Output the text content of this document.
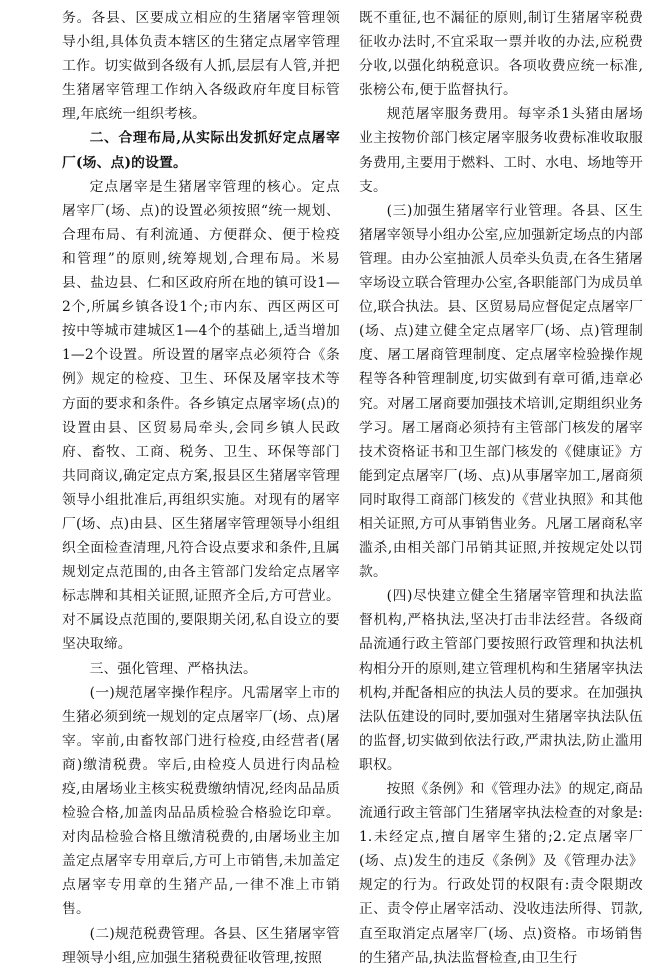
务。各县、区要成立相应的生猪屠宰管理领导小组,具体负责本辖区的生猪定点屠宰管理工作。切实做到各级有人抓,层层有人管,并把生猪屠宰管理工作纳入各级政府年度目标管理,年底统一组织考核。

二、合理布局,从实际出发抓好定点屠宰厂(场、点)的设置。

定点屠宰是生猪屠宰管理的核心。定点屠宰厂(场、点)的设置必须按照“统一规划、合理布局、有利流通、方便群众、便于检疫和管理”的原则,统筹规划,合理布局。米易县、盐边县、仁和区政府所在地的镇可设1—2个,所属乡镇各设1个;市内东、西区两区可按中等城市建城区1—4个的基础上,适当增加1—2个设置。所设置的屠宰点必须符合《条例》规定的检疫、卫生、环保及屠宰技术等方面的要求和条件。各乡镇定点屠宰场(点)的设置由县、区贸易局牵头,会同乡镇人民政府、畜牧、工商、税务、卫生、环保等部门共同商议,确定定点方案,报县区生猪屠宰管理领导小组批准后,再组织实施。对现有的屠宰厂(场、点)由县、区生猪屠宰管理领导小组组织全面检查清理,凡符合设点要求和条件,且属规划定点范围的,由各主管部门发给定点屠宰标志牌和其相关证照,证照齐全后,方可营业。对不属设点范围的,要限期关闭,私自设立的要坚决取缔。

三、强化管理、严格执法。

(一)规范屠宰操作程序。凡需屠宰上市的生猪必须到统一规划的定点屠宰厂(场、点)屠宰。宰前,由畜牧部门进行检疫,由经营者(屠商)缴清税费。宰后,由检疫人员进行肉品检疫,由屠场业主核实税费缴纳情况,经肉品品质检验合格,加盖肉品品质检验合格验讫印章。对肉品检验合格且缴清税费的,由屠场业主加盖定点屠宰专用章后,方可上市销售,未加盖定点屠宰专用章的生猪产品,一律不准上市销售。

(二)规范税费管理。各县、区生猪屠宰管理领导小组,应加强生猪税费征收管理,按照

既不重征,也不漏征的原则,制订生猪屠宰税费征收办法时,不宜采取一票并收的办法,应税费分收,以强化纳税意识。各项收费应统一标准,张榜公布,便于监督执行。

规范屠宰服务费用。每宰杀1头猪由屠场业主按物价部门核定屠宰服务收费标准收取服务费用,主要用于燃料、工时、水电、场地等开支。

(三)加强生猪屠宰行业管理。各县、区生猪屠宰领导小组办公室,应加强新定场点的内部管理。由办公室抽派人员牵头负责,在各生猪屠宰场设立联合管理办公室,各职能部门为成员单位,联合执法。县、区贸易局应督促定点屠宰厂(场、点)建立健全定点屠宰厂(场、点)管理制度、屠工屠商管理制度、定点屠宰检验操作规程等各种管理制度,切实做到有章可循,违章必究。对屠工屠商要加强技术培训,定期组织业务学习。屠工屠商必须持有主管部门核发的屠宰技术资格证书和卫生部门核发的《健康证》方能到定点屠宰厂(场、点)从事屠宰加工,屠商须同时取得工商部门核发的《营业执照》和其他相关证照,方可从事销售业务。凡屠工屠商私宰滥杀,由相关部门吊销其证照,并按规定处以罚款。

(四)尽快建立健全生猪屠宰管理和执法监督机构,严格执法,坚决打击非法经营。各级商品流通行政主管部门要按照行政管理和执法机构相分开的原则,建立管理机构和生猪屠宰执法机构,并配备相应的执法人员的要求。在加强执法队伍建设的同时,要加强对生猪屠宰执法队伍的监督,切实做到依法行政,严肃执法,防止滥用职权。

按照《条例》和《管理办法》的规定,商品流通行政主管部门生猪屠宰执法检查的对象是:1.未经定点,擅自屠宰生猪的;2.定点屠宰厂(场、点)发生的违反《条例》及《管理办法》规定的行为。行政处罚的权限有:责令限期改正、责令停止屠宰活动、没收违法所得、罚款,直至取消定点屠宰厂(场、点)资格。市场销售的生猪产品,执法监督检查,由卫生行
